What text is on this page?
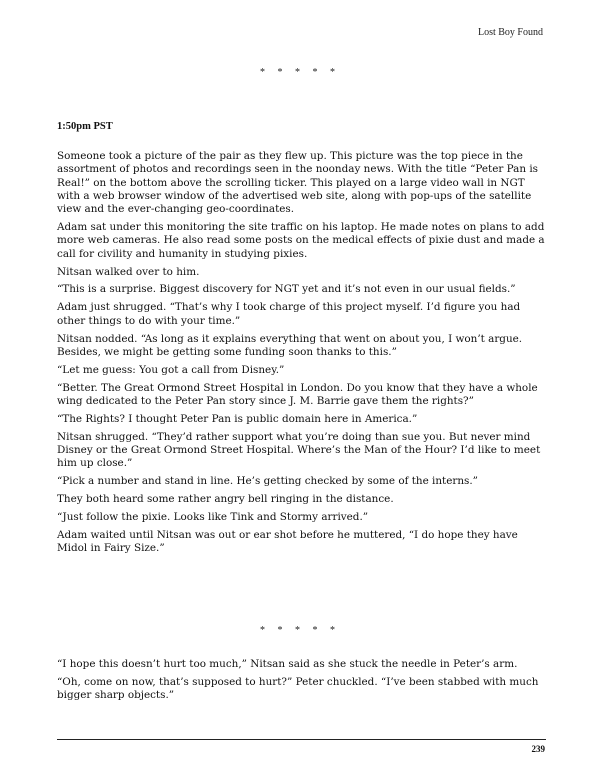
Lost Boy Found
* * * * *
1:50pm PST

Someone took a picture of the pair as they flew up. This picture was the top piece in the assortment of photos and recordings seen in the noonday news. With the title “Peter Pan is Real!” on the bottom above the scrolling ticker. This played on a large video wall in NGT with a web browser window of the advertised web site, along with pop-ups of the satellite view and the ever-changing geo-coordinates.

Adam sat under this monitoring the site traffic on his laptop. He made notes on plans to add more web cameras. He also read some posts on the medical effects of pixie dust and made a call for civility and humanity in studying pixies.

Nitsan walked over to him.

“This is a surprise. Biggest discovery for NGT yet and it’s not even in our usual fields.”

Adam just shrugged. “That’s why I took charge of this project myself. I’d figure you had other things to do with your time.”

Nitsan nodded. “As long as it explains everything that went on about you, I won’t argue. Besides, we might be getting some funding soon thanks to this.”

“Let me guess: You got a call from Disney.”

“Better. The Great Ormond Street Hospital in London. Do you know that they have a whole wing dedicated to the Peter Pan story since J. M. Barrie gave them the rights?”

“The Rights? I thought Peter Pan is public domain here in America.”

Nitsan shrugged. “They’d rather support what you’re doing than sue you. But never mind Disney or the Great Ormond Street Hospital. Where’s the Man of the Hour? I’d like to meet him up close.”

“Pick a number and stand in line. He’s getting checked by some of the interns.”

They both heard some rather angry bell ringing in the distance.

“Just follow the pixie. Looks like Tink and Stormy arrived.”

Adam waited until Nitsan was out or ear shot before he muttered, “I do hope they have Midol in Fairy Size.”

* * * * *

“I hope this doesn’t hurt too much,” Nitsan said as she stuck the needle in Peter’s arm.

“Oh, come on now, that’s supposed to hurt?” Peter chuckled. “I’ve been stabbed with much bigger sharp objects.”

239
